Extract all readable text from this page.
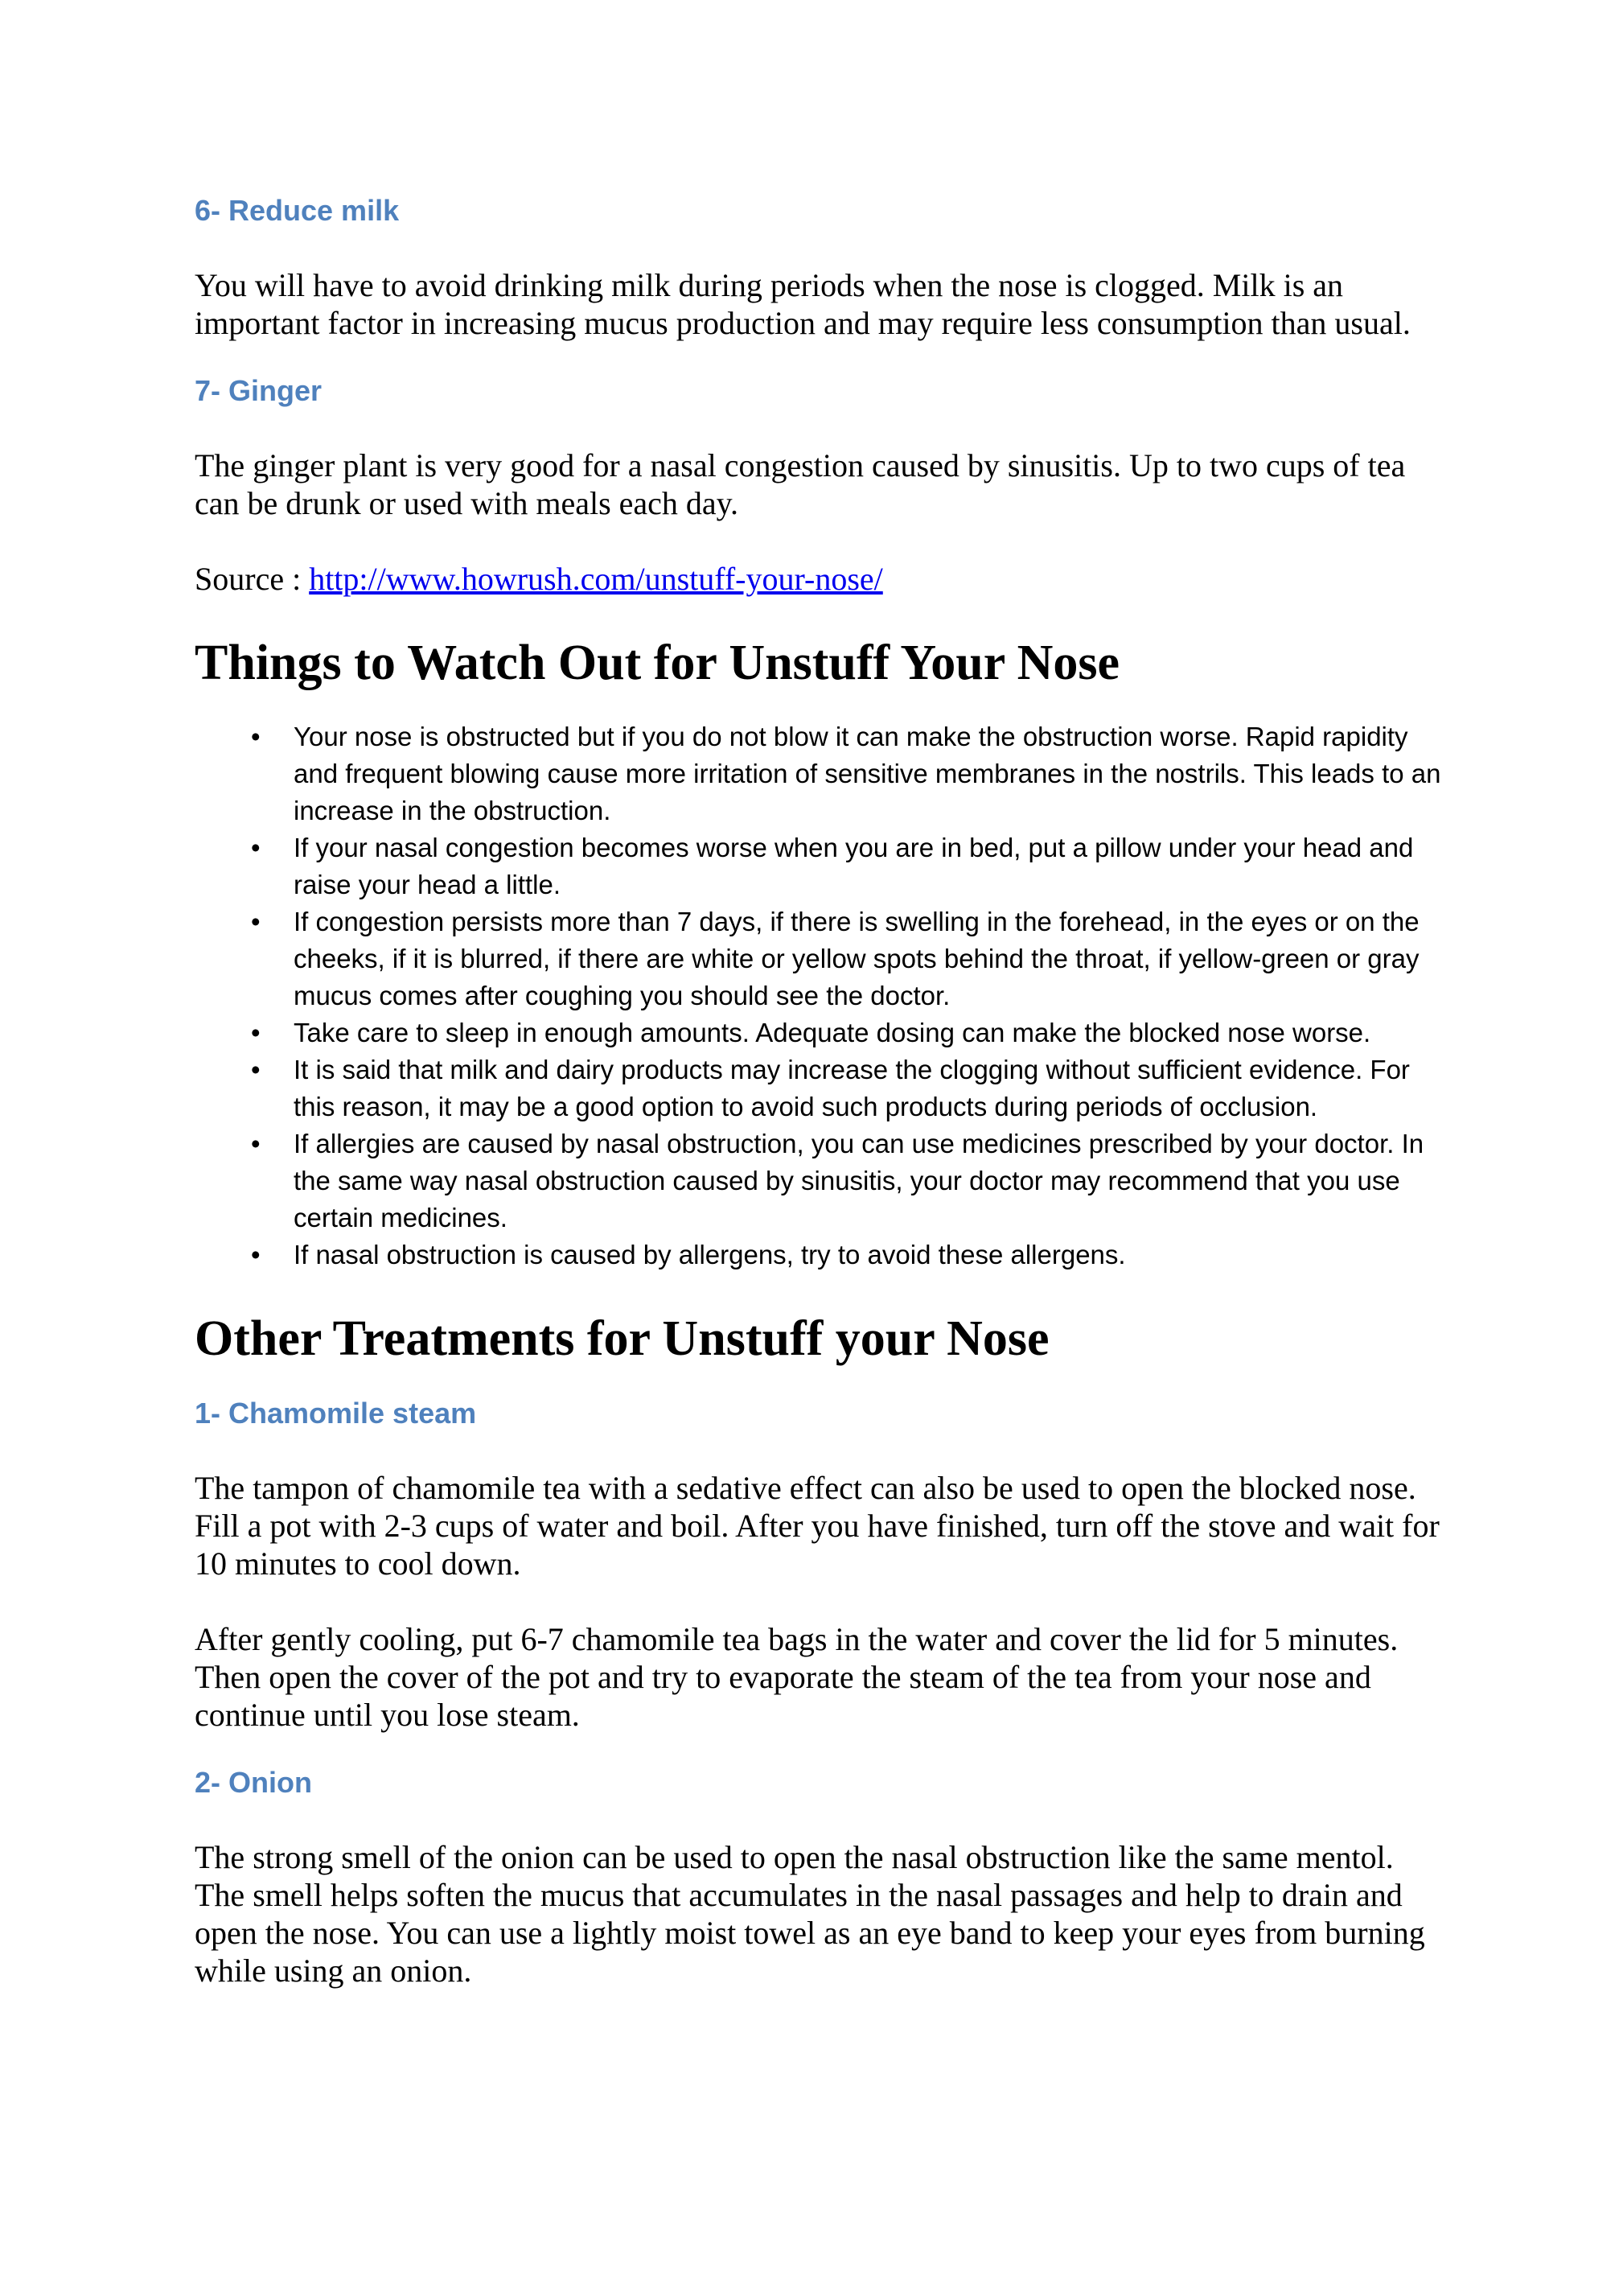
6- Reduce milk

You will have to avoid drinking milk during periods when the nose is clogged. Milk is an important factor in increasing mucus production and may require less consumption than usual.

7- Ginger

The ginger plant is very good for a nasal congestion caused by sinusitis. Up to two cups of tea can be drunk or used with meals each day.

Source : http://www.howrush.com/unstuff-your-nose/

Things to Watch Out for Unstuff Your Nose
• Your nose is obstructed but if you do not blow it can make the obstruction worse. Rapid rapidity and frequent blowing cause more irritation of sensitive membranes in the nostrils. This leads to an increase in the obstruction.
• If your nasal congestion becomes worse when you are in bed, put a pillow under your head and raise your head a little.
• If congestion persists more than 7 days, if there is swelling in the forehead, in the eyes or on the cheeks, if it is blurred, if there are white or yellow spots behind the throat, if yellow-green or gray mucus comes after coughing you should see the doctor.
• Take care to sleep in enough amounts. Adequate dosing can make the blocked nose worse.
• It is said that milk and dairy products may increase the clogging without sufficient evidence. For this reason, it may be a good option to avoid such products during periods of occlusion.
• If allergies are caused by nasal obstruction, you can use medicines prescribed by your doctor. In the same way nasal obstruction caused by sinusitis, your doctor may recommend that you use certain medicines.
• If nasal obstruction is caused by allergens, try to avoid these allergens.
Other Treatments for Unstuff your Nose
1- Chamomile steam

The tampon of chamomile tea with a sedative effect can also be used to open the blocked nose. Fill a pot with 2-3 cups of water and boil. After you have finished, turn off the stove and wait for 10 minutes to cool down.

After gently cooling, put 6-7 chamomile tea bags in the water and cover the lid for 5 minutes. Then open the cover of the pot and try to evaporate the steam of the tea from your nose and continue until you lose steam.

2- Onion

The strong smell of the onion can be used to open the nasal obstruction like the same mentol. The smell helps soften the mucus that accumulates in the nasal passages and help to drain and open the nose. You can use a lightly moist towel as an eye band to keep your eyes from burning while using an onion.
